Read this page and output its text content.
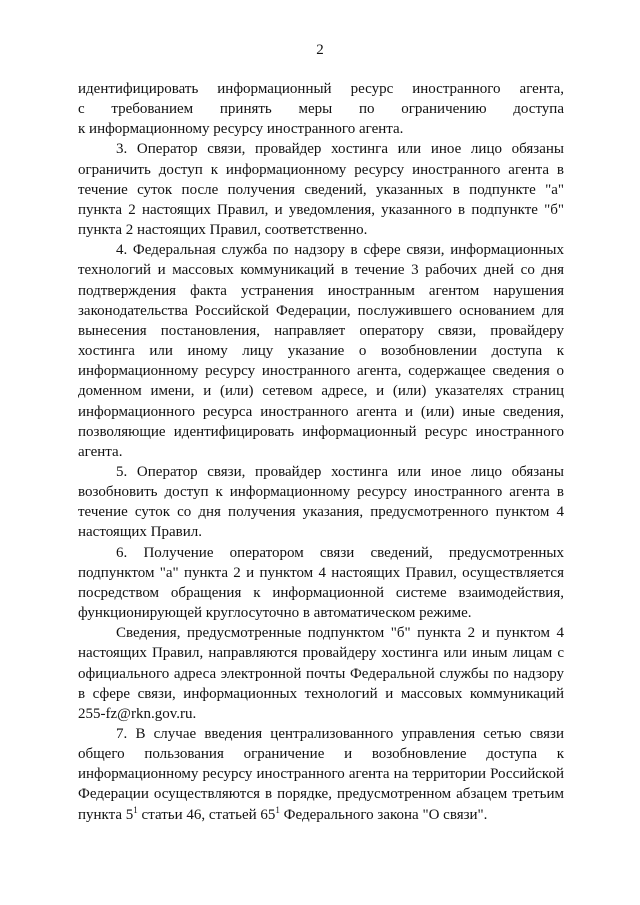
2

идентифицировать информационный ресурс иностранного агента,
с требованием принять меры по ограничению доступа
к информационному ресурсу иностранного агента.

3. Оператор связи, провайдер хостинга или иное лицо обязаны ограничить доступ к информационному ресурсу иностранного агента в течение суток после получения сведений, указанных в подпункте "а" пункта 2 настоящих Правил, и уведомления, указанного в подпункте "б" пункта 2 настоящих Правил, соответственно.

4. Федеральная служба по надзору в сфере связи, информационных технологий и массовых коммуникаций в течение 3 рабочих дней со дня подтверждения факта устранения иностранным агентом нарушения законодательства Российской Федерации, послужившего основанием для вынесения постановления, направляет оператору связи, провайдеру хостинга или иному лицу указание о возобновлении доступа к информационному ресурсу иностранного агента, содержащее сведения о доменном имени, и (или) сетевом адресе, и (или) указателях страниц информационного ресурса иностранного агента и (или) иные сведения, позволяющие идентифицировать информационный ресурс иностранного агента.

5. Оператор связи, провайдер хостинга или иное лицо обязаны возобновить доступ к информационному ресурсу иностранного агента в течение суток со дня получения указания, предусмотренного пунктом 4 настоящих Правил.

6. Получение оператором связи сведений, предусмотренных подпунктом "а" пункта 2 и пунктом 4 настоящих Правил, осуществляется посредством обращения к информационной системе взаимодействия, функционирующей круглосуточно в автоматическом режиме.

Сведения, предусмотренные подпунктом "б" пункта 2 и пунктом 4 настоящих Правил, направляются провайдеру хостинга или иным лицам с официального адреса электронной почты Федеральной службы по надзору в сфере связи, информационных технологий и массовых коммуникаций 255-fz@rkn.gov.ru.

7. В случае введения централизованного управления сетью связи общего пользования ограничение и возобновление доступа к информационному ресурсу иностранного агента на территории Российской Федерации осуществляются в порядке, предусмотренном абзацем третьим пункта $5^1$ статьи 46, статьей $65^1$ Федерального закона "О связи".
